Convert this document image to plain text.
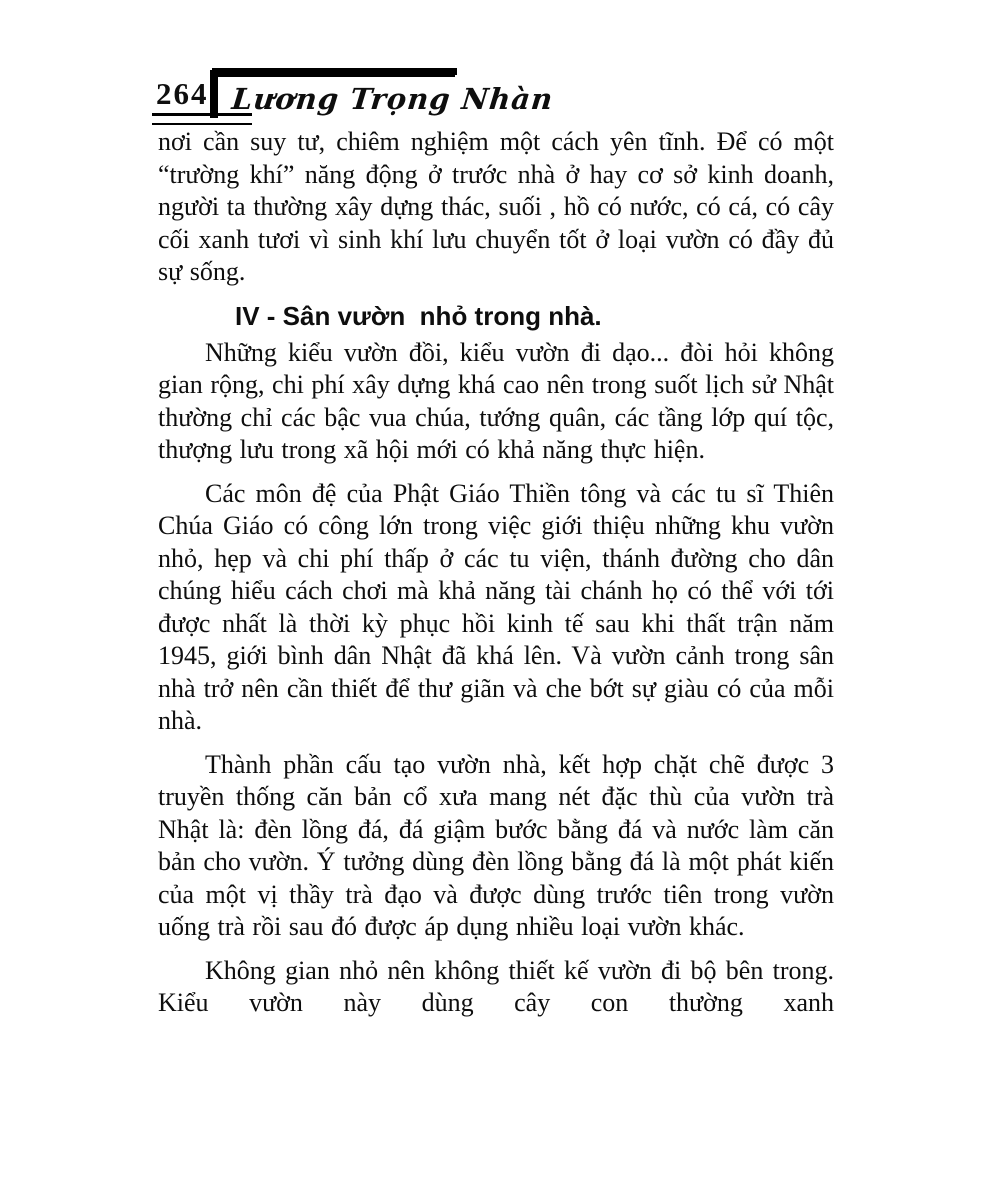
264 Lương Trọng Nhàn

nơi cần suy tư, chiêm nghiệm một cách yên tĩnh. Để có một “trường khí” năng động ở trước nhà ở hay cơ sở kinh doanh, người ta thường xây dựng thác, suối , hồ có nước, có cá, có cây cối xanh tươi vì sinh khí lưu chuyển tốt ở loại vườn có đầy đủ sự sống.

IV - Sân vườn  nhỏ trong nhà.

Những kiểu vườn đồi, kiểu vườn đi dạo... đòi hỏi không gian rộng, chi phí xây dựng khá cao nên trong suốt lịch sử Nhật thường chỉ các bậc vua chúa, tướng quân, các tầng lớp quí tộc, thượng lưu trong xã hội mới có khả năng thực hiện.

Các môn đệ của Phật Giáo Thiền tông và các tu sĩ Thiên Chúa Giáo có công lớn trong việc giới thiệu những khu vườn nhỏ, hẹp và chi phí thấp ở các tu viện, thánh đường cho dân chúng hiểu cách chơi mà khả năng tài chánh họ có thể với tới được nhất là thời kỳ phục hồi kinh tế sau khi thất trận năm 1945, giới bình dân Nhật đã khá lên. Và vườn cảnh trong sân nhà trở nên cần thiết để thư giãn và che bớt sự giàu có của mỗi nhà.

Thành phần cấu tạo vườn nhà, kết hợp chặt chẽ được 3 truyền thống căn bản cổ xưa mang nét đặc thù của vườn trà Nhật là: đèn lồng đá, đá giậm bước bằng đá và nước làm căn bản cho vườn. Ý tưởng dùng đèn lồng bằng đá là một phát kiến của một vị thầy trà đạo và được dùng trước tiên trong vườn uống trà rồi sau đó được áp dụng nhiều loại vườn khác.

Không gian nhỏ nên không thiết kế vườn đi bộ bên trong. Kiểu vườn này dùng cây con thường xanh
